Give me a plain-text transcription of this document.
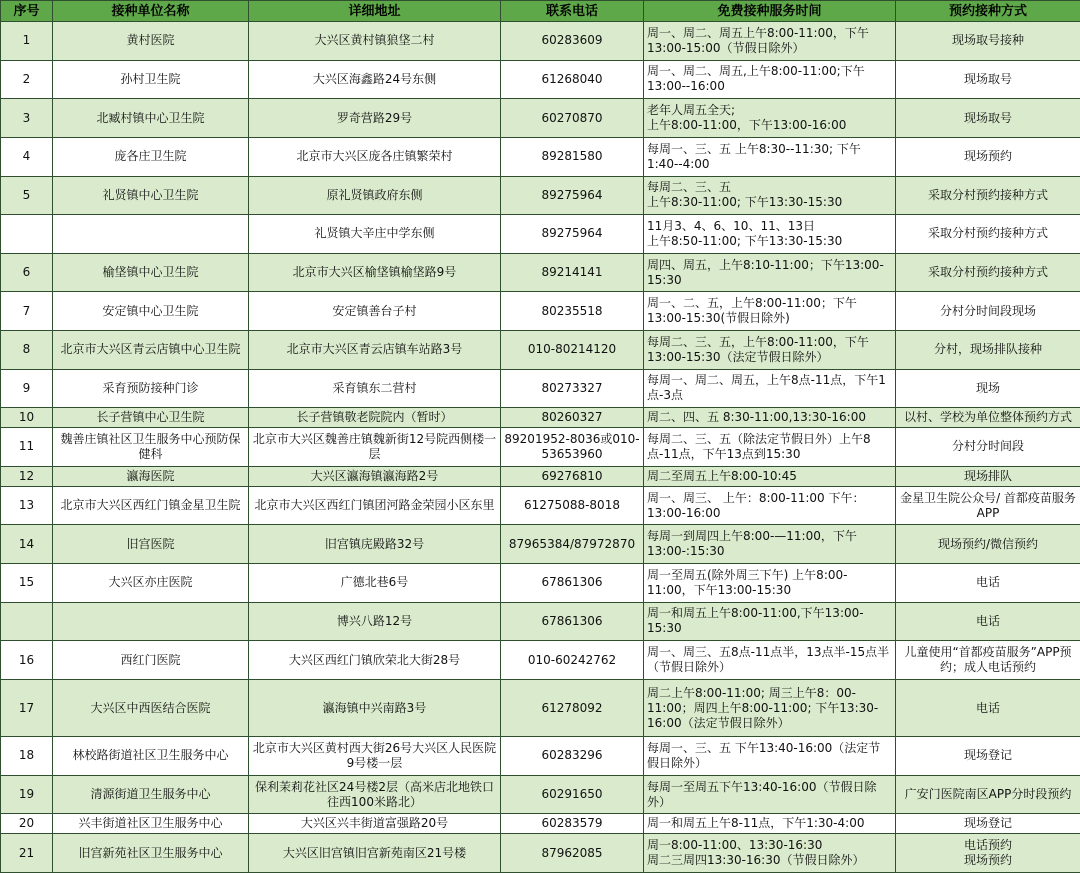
序号	接种单位名称	详细地址	联系电话	免费接种服务时间	预约接种方式
1	黄村医院	大兴区黄村镇狼垡二村	60283609	周一、周二、周五上午8:00-11:00，下午13:00-15:00（节假日除外）	现场取号接种
2	孙村卫生院	大兴区海鑫路24号东侧	61268040	周一、周二、周五,上午8:00-11:00;下午13:00--16:00	现场取号
3	北臧村镇中心卫生院	罗奇营路29号	60270870	老年人周五全天;
上午8:00-11:00，下午13:00-16:00	现场取号
4	庞各庄卫生院	北京市大兴区庞各庄镇繁荣村	89281580	每周一、三、五 上午8:30--11:30; 下午1:40--4:00	现场预约
5	礼贤镇中心卫生院	原礼贤镇政府东侧	89275964	每周二、三、五
上午8:30-11:00; 下午13:30-15:30	采取分村预约接种方式
		礼贤镇大辛庄中学东侧	89275964	11月3、4、6、10、11、13日
上午8:50-11:00; 下午13:30-15:30	采取分村预约接种方式
6	榆垡镇中心卫生院	北京市大兴区榆垡镇榆垡路9号	89214141	周四、周五，上午8:10-11:00；下午13:00-15:30	采取分村预约接种方式
7	安定镇中心卫生院	安定镇善台子村	80235518	周一、二、五，上午8:00-11:00；下午13:00-15:30(节假日除外)	分村分时间段现场
8	北京市大兴区青云店镇中心卫生院	北京市大兴区青云店镇车站路3号	010-80214120	每周二、三、五，上午8:00-11:00，下午13:00-15:30（法定节假日除外）	分村，现场排队接种
9	采育预防接种门诊	采育镇东二营村	80273327	每周一、周二、周五，上午8点-11点，下午1点-3点	现场
10	长子营镇中心卫生院	长子营镇敬老院院内（暂时）	80260327	周二、四、五 8:30-11:00,13:30-16:00	以村、学校为单位整体预约方式
11	魏善庄镇社区卫生服务中心预防保健科	北京市大兴区魏善庄镇魏新街12号院西侧楼一层	89201952-8036或010-53653960	每周二、三、五（除法定节假日外）上午8点-11点，下午13点到15:30	分村分时间段
12	瀛海医院	大兴区瀛海镇瀛海路2号	69276810	周二至周五上午8:00-10:45	现场排队
13	北京市大兴区西红门镇金星卫生院	北京市大兴区西红门镇团河路金荣园小区东里	61275088-8018	周一、周三、 上午：8:00-11:00 下午：13:00-16:00	金星卫生院公众号/ 首都疫苗服务APP
14	旧宫医院	旧宫镇庑殿路32号	87965384/87972870	每周一到周四上午8:00-—11:00，下午13:00-:15:30	现场预约/微信预约
15	大兴区亦庄医院	广德北巷6号	67861306	周一至周五(除外周三下午) 上午8:00-11:00，下午13:00-15:30	电话
		博兴八路12号	67861306	周一和周五上午8:00-11:00,下午13:00-15:30	电话
16	西红门医院	大兴区西红门镇欣荣北大街28号	010-60242762	周一、周三、五8点-11点半，13点半-15点半（节假日除外）	儿童使用“首都疫苗服务”APP预约；成人电话预约
17	大兴区中西医结合医院	瀛海镇中兴南路3号	61278092	周二上午8:00-11:00; 周三上午8：00-11:00；周四上午8:00-11:00; 下午13:30-16:00（法定节假日除外）	电话
18	林校路街道社区卫生服务中心	北京市大兴区黄村西大街26号大兴区人民医院9号楼一层	60283296	每周一、三、五 下午13:40-16:00（法定节假日除外）	现场登记
19	清源街道卫生服务中心	保利茉莉花社区24号楼2层（高米店北地铁口往西100米路北）	60291650	每周一至周五下午13:40-16:00（节假日除外）	广安门医院南区APP分时段预约
20	兴丰街道社区卫生服务中心	大兴区兴丰街道富强路20号	60283579	周一和周五上午8-11点，下午1:30-4:00	现场登记
21	旧宫新苑社区卫生服务中心	大兴区旧宫镇旧宫新苑南区21号楼	87962085	周一8:00-11:00、13:30-16:30
周二三周四13:30-16:30（节假日除外）	电话预约
现场预约
